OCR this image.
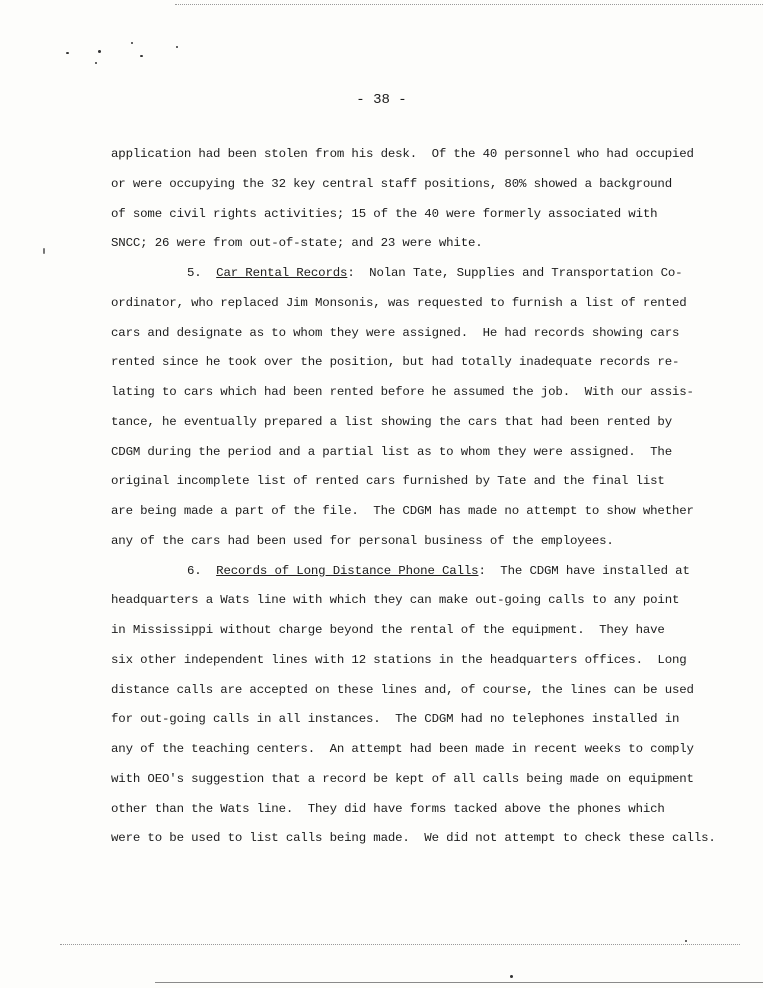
- 38 -
application had been stolen from his desk.  Of the 40 personnel who had occupied
or were occupying the 32 key central staff positions, 80% showed a background
of some civil rights activities; 15 of the 40 were formerly associated with
SNCC; 26 were from out-of-state; and 23 were white.
5. Car Rental Records:  Nolan Tate, Supplies and Transportation Co-
ordinator, who replaced Jim Monsonis, was requested to furnish a list of rented
cars and designate as to whom they were assigned.  He had records showing cars
rented since he took over the position, but had totally inadequate records re-
lating to cars which had been rented before he assumed the job.  With our assis-
tance, he eventually prepared a list showing the cars that had been rented by
CDGM during the period and a partial list as to whom they were assigned.  The
original incomplete list of rented cars furnished by Tate and the final list
are being made a part of the file.  The CDGM has made no attempt to show whether
any of the cars had been used for personal business of the employees.
6. Records of Long Distance Phone Calls:  The CDGM have installed at
headquarters a Wats line with which they can make out-going calls to any point
in Mississippi without charge beyond the rental of the equipment.  They have
six other independent lines with 12 stations in the headquarters offices.  Long
distance calls are accepted on these lines and, of course, the lines can be used
for out-going calls in all instances.  The CDGM had no telephones installed in
any of the teaching centers.  An attempt had been made in recent weeks to comply
with OEO's suggestion that a record be kept of all calls being made on equipment
other than the Wats line.  They did have forms tacked above the phones which
were to be used to list calls being made.  We did not attempt to check these calls.
